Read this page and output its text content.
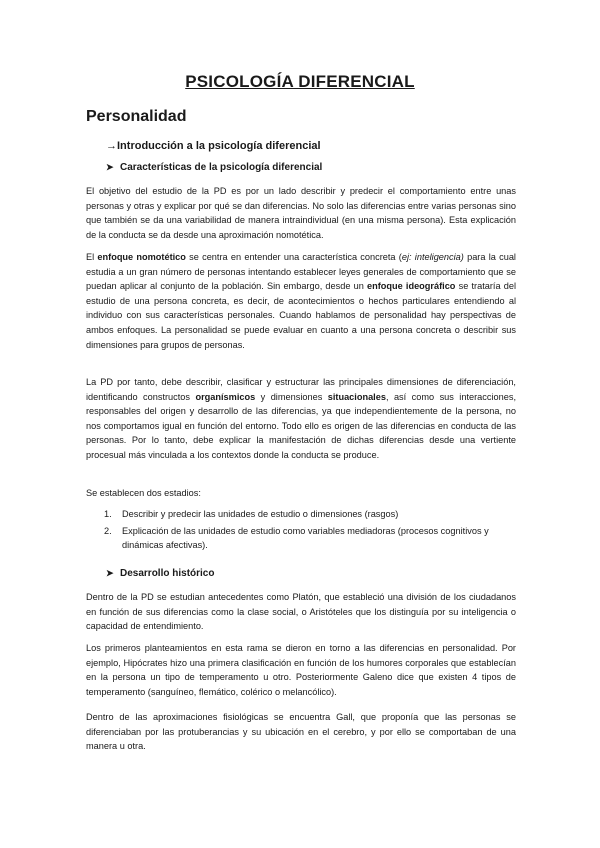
PSICOLOGÍA DIFERENCIAL
Personalidad
→Introducción a la psicología diferencial
➤ Características de la psicología diferencial
El objetivo del estudio de la PD es por un lado describir y predecir el comportamiento entre unas personas y otras y explicar por qué se dan diferencias. No solo las diferencias entre varias personas sino que también se da una variabilidad de manera intraindividual (en una misma persona). Esta explicación de la conducta se da desde una aproximación nomotética.
El enfoque nomotético se centra en entender una característica concreta (ej: inteligencia) para la cual estudia a un gran número de personas intentando establecer leyes generales de comportamiento que se puedan aplicar al conjunto de la población. Sin embargo, desde un enfoque ideográfico se trataría del estudio de una persona concreta, es decir, de acontecimientos o hechos particulares entendiendo al individuo con sus características personales. Cuando hablamos de personalidad hay perspectivas de ambos enfoques. La personalidad se puede evaluar en cuanto a una persona concreta o describir sus dimensiones para grupos de personas.
La PD por tanto, debe describir, clasificar y estructurar las principales dimensiones de diferenciación, identificando constructos organísmicos y dimensiones situacionales, así como sus interacciones, responsables del origen y desarrollo de las diferencias, ya que independientemente de la persona, no nos comportamos igual en función del entorno. Todo ello es origen de las diferencias en conducta de las personas. Por lo tanto, debe explicar la manifestación de dichas diferencias desde una vertiente procesual más vinculada a los contextos donde la conducta se produce.
Se establecen dos estadios:
1. Describir y predecir las unidades de estudio o dimensiones (rasgos)
2. Explicación de las unidades de estudio como variables mediadoras (procesos cognitivos y dinámicas afectivas).
➤ Desarrollo histórico
Dentro de la PD se estudian antecedentes como Platón, que estableció una división de los ciudadanos en función de sus diferencias como la clase social, o Aristóteles que los distinguía por su inteligencia o capacidad de entendimiento.
Los primeros planteamientos en esta rama se dieron en torno a las diferencias en personalidad. Por ejemplo, Hipócrates hizo una primera clasificación en función de los humores corporales que establecían en la persona un tipo de temperamento u otro. Posteriormente Galeno dice que existen 4 tipos de temperamento (sanguíneo, flemático, colérico o melancólico).
Dentro de las aproximaciones fisiológicas se encuentra Gall, que proponía que las personas se diferenciaban por las protuberancias y su ubicación en el cerebro, y por ello se comportaban de una manera u otra.
